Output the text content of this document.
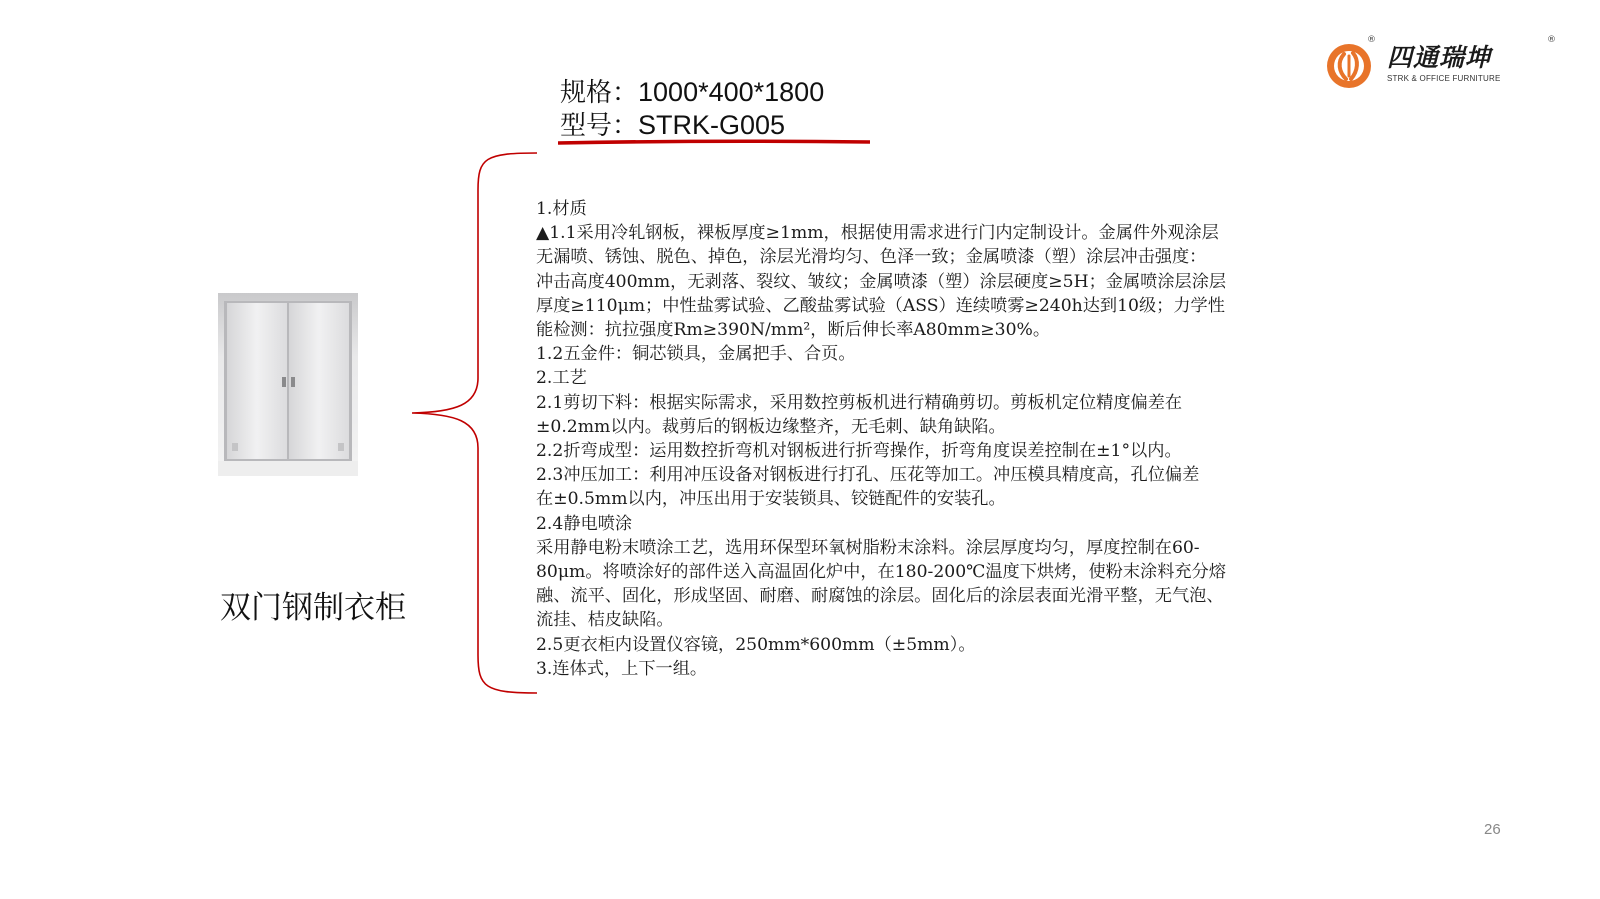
®
四通瑞坤
®
STRK & OFFICE FURNITURE
规格：1000*400*1800
型号：STRK-G005
双门钢制衣柜

1.材质

▲1.1采用冷轧钢板，裸板厚度≥1mm，根据使用需求进行门内定制设计。金属件外观涂层

无漏喷、锈蚀、脱色、掉色，涂层光滑均匀、色泽一致；金属喷漆（塑）涂层冲击强度：

冲击高度400mm，无剥落、裂纹、皱纹；金属喷漆（塑）涂层硬度≥5H；金属喷涂层涂层

厚度≥110μm；中性盐雾试验、乙酸盐雾试验（ASS）连续喷雾≥240h达到10级；力学性

能检测：抗拉强度Rm≥390N/mm²，断后伸长率A80mm≥30%。

1.2五金件：铜芯锁具，金属把手、合页。

2.工艺

2.1剪切下料：根据实际需求，采用数控剪板机进行精确剪切。剪板机定位精度偏差在

±0.2mm以内。裁剪后的钢板边缘整齐，无毛刺、缺角缺陷。

2.2折弯成型：运用数控折弯机对钢板进行折弯操作，折弯角度误差控制在±1°以内。

2.3冲压加工：利用冲压设备对钢板进行打孔、压花等加工。冲压模具精度高，孔位偏差

在±0.5mm以内，冲压出用于安装锁具、铰链配件的安装孔。

2.4静电喷涂

采用静电粉末喷涂工艺，选用环保型环氧树脂粉末涂料。涂层厚度均匀，厚度控制在60-

80μm。将喷涂好的部件送入高温固化炉中，在180-200℃温度下烘烤，使粉末涂料充分熔

融、流平、固化，形成坚固、耐磨、耐腐蚀的涂层。固化后的涂层表面光滑平整，无气泡、

流挂、桔皮缺陷。

2.5更衣柜内设置仪容镜，250mm*600mm（±5mm）。

3.连体式，上下一组。

26
